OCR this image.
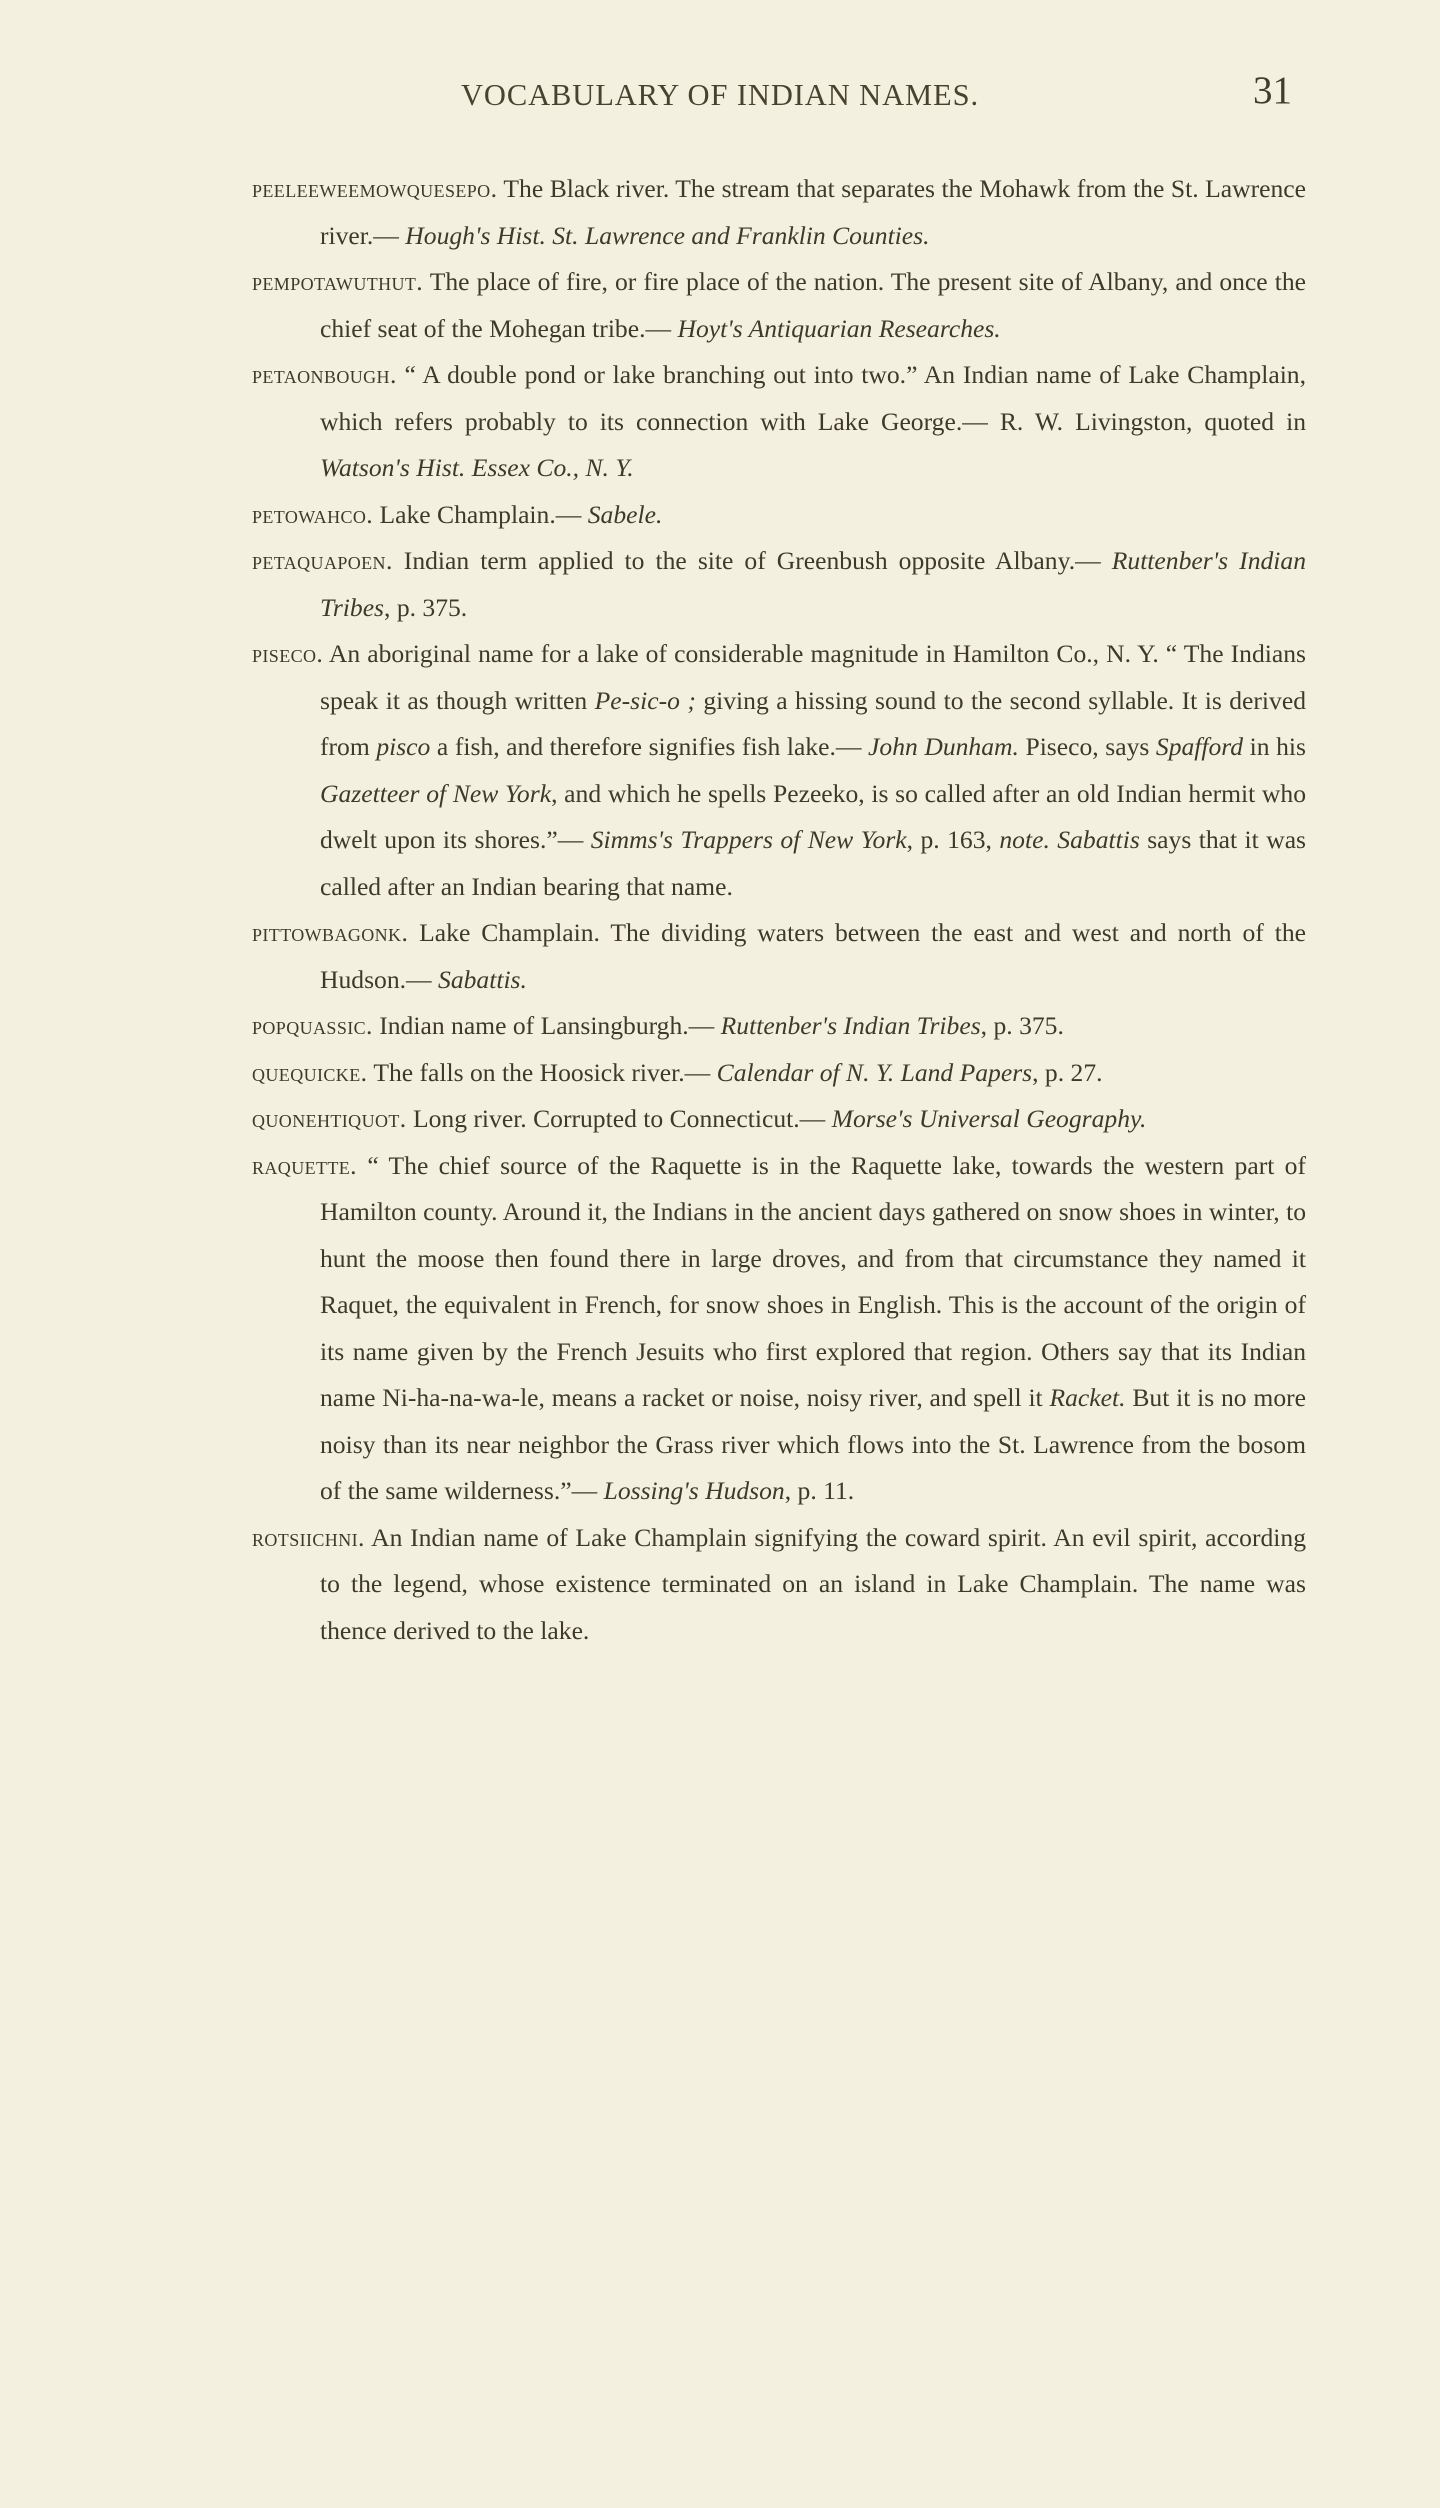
VOCABULARY OF INDIAN NAMES.	31

peeleeweemowquesepo. The Black river. The stream that separates the Mohawk from the St. Lawrence river.— Hough's Hist. St. Lawrence and Franklin Counties.

pempotawuthut. The place of fire, or fire place of the nation. The present site of Albany, and once the chief seat of the Mohegan tribe.— Hoyt's Antiquarian Researches.

petaonbough. “ A double pond or lake branching out into two.” An Indian name of Lake Champlain, which refers probably to its connection with Lake George.— R. W. Livingston, quoted in Watson's Hist. Essex Co., N. Y.

petowahco. Lake Champlain.— Sabele.

petaquapoen. Indian term applied to the site of Greenbush opposite Albany.— Ruttenber's Indian Tribes, p. 375.

piseco. An aboriginal name for a lake of considerable magnitude in Hamilton Co., N. Y. “ The Indians speak it as though written Pe-sic-o ; giving a hissing sound to the second syllable. It is derived from pisco a fish, and therefore signifies fish lake.— John Dunham. Piseco, says Spafford in his Gazetteer of New York, and which he spells Pezeeko, is so called after an old Indian hermit who dwelt upon its shores.”— Simms's Trappers of New York, p. 163, note. Sabattis says that it was called after an Indian bearing that name.

pittowbagonk. Lake Champlain. The dividing waters between the east and west and north of the Hudson.— Sabattis.

popquassic. Indian name of Lansingburgh.— Ruttenber's Indian Tribes, p. 375.

quequicke. The falls on the Hoosick river.— Calendar of N. Y. Land Papers, p. 27.

quonehtiquot. Long river. Corrupted to Connecticut.— Morse's Universal Geography.

raquette. “ The chief source of the Raquette is in the Raquette lake, towards the western part of Hamilton county. Around it, the Indians in the ancient days gathered on snow shoes in winter, to hunt the moose then found there in large droves, and from that circumstance they named it Raquet, the equivalent in French, for snow shoes in English. This is the account of the origin of its name given by the French Jesuits who first explored that region. Others say that its Indian name Ni-ha-na-wa-le, means a racket or noise, noisy river, and spell it Racket. But it is no more noisy than its near neighbor the Grass river which flows into the St. Lawrence from the bosom of the same wilderness.”— Lossing's Hudson, p. 11.

rotsiichni. An Indian name of Lake Champlain signifying the coward spirit. An evil spirit, according to the legend, whose existence terminated on an island in Lake Champlain. The name was thence derived to the lake.
